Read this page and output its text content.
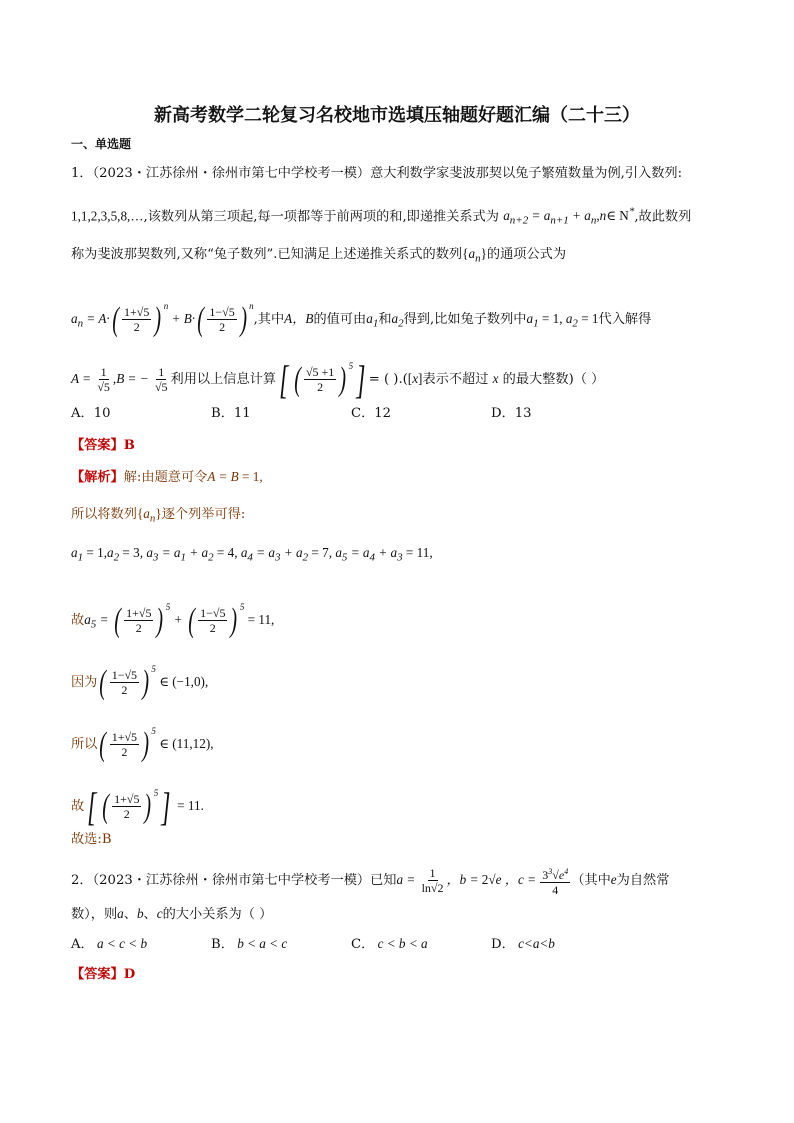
新高考数学二轮复习名校地市选填压轴题好题汇编（二十三）
一、单选题
1．（2023・江苏徐州・徐州市第七中学校考一模）意大利数学家斐波那契以兔子繁殖数量为例,引入数列:
1,1,2,3,5,8,…,该数列从第三项起,每一项都等于前两项的和,即递推关系式为 $a_{n+2} = a_{n+1}$ + $a_n,n\in$ N*,故此数列
称为斐波那契数列,又称“兔子数列”.已知满足上述递推关系式的数列$\{a_n\}$的通项公式为
$a_n = A\cdot( \frac{1+√5}{2}$ ) $^n + B\cdot( \frac{1-√5}{2}$ ) $^n$,其中A，B的值可由$a_1$和$a_2$得到,比如兔子数列中$a_1 = 1$, $a_2 = 1$代入解得
$A = \frac{1}{√5} ,B$ = − $\frac{1}{√5}$ 利用以上信息计算[ ( $\frac{√5 +1}{2}$ ) $^5$] = ( ).([x]表示不超过 x 的最大整数)（ ）
A．10	B．11	C．12	D．13
【答案】B
【解析】解:由题意可令A = B = 1,
所以将数列$\{a_n\}$逐个列举可得:
$a_1 = 1,a_2 = 3$, $a_3 = a_1 + a_2 = 4$, $a_4 = a_3 + a_2 = 7$, $a_5 = a_4 + a_3 = 11$,
故$a_5$ = ( $\frac{1+√5}{2}$ ) $^5$ + ( $\frac{1-√5}{2}$ ) $^5$ = 11,
因为( $\frac{1-√5}{2}$ ) $^5$ ∈ (−1,0),
所以( $\frac{1+√5}{2}$ ) $^5$ ∈ (11,12),
故[ ( $\frac{1+√5}{2}$ ) $^5$] = 11.
故选:B
2．（2023・江苏徐州・徐州市第七中学校考一模）已知$a = \frac{1}{\ln√2}$ ，b = 2√e ，$c = \frac{3^3√e^4}{4}$ （其中e为自然常
数），则a、b、c的大小关系为（ ）
A． a < c < b	B． b < a < c	C． c < b < a	D． c<a<b
【答案】D
